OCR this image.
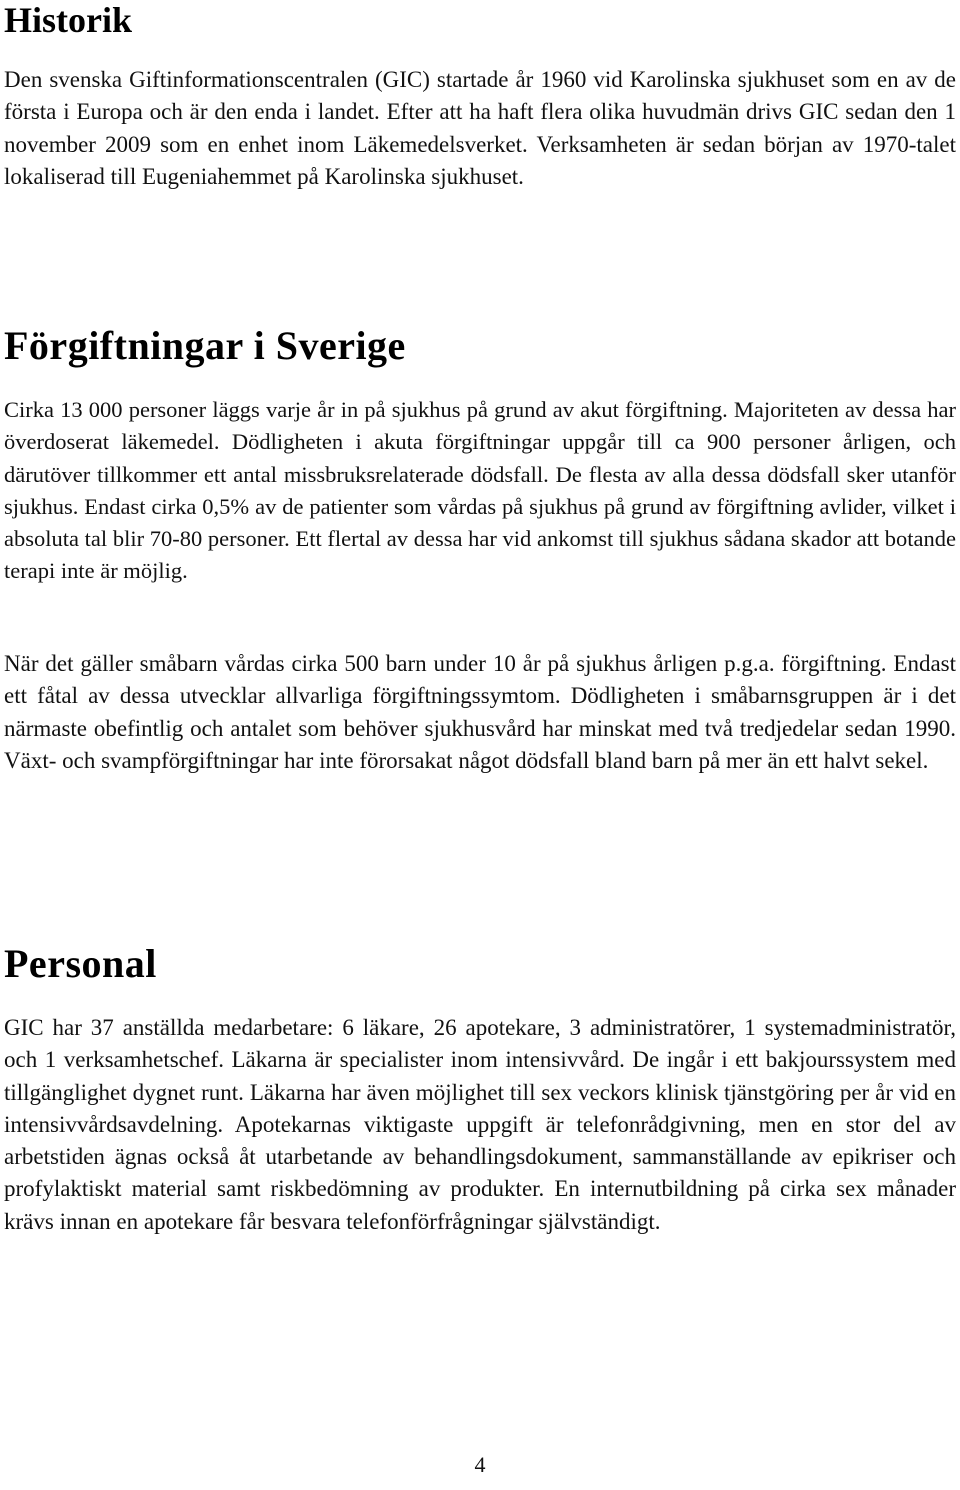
Historik

Den svenska Giftinformationscentralen (GIC) startade år 1960 vid Karolinska sjukhuset som en av de första i Europa och är den enda i landet. Efter att ha haft flera olika huvudmän drivs GIC sedan den 1 november 2009 som en enhet inom Läkemedelsverket. Verksamheten är sedan början av 1970-talet lokaliserad till Eugeniahemmet på Karolinska sjukhuset.

Förgiftningar i Sverige

Cirka 13 000 personer läggs varje år in på sjukhus på grund av akut förgiftning. Majoriteten av dessa har överdoserat läkemedel. Dödligheten i akuta förgiftningar uppgår till ca 900 personer årligen, och därutöver tillkommer ett antal missbruksrelaterade dödsfall. De flesta av alla dessa dödsfall sker utanför sjukhus. Endast cirka 0,5% av de patienter som vårdas på sjukhus på grund av förgiftning avlider, vilket i absoluta tal blir 70-80 personer. Ett flertal av dessa har vid ankomst till sjukhus sådana skador att botande terapi inte är möjlig.

När det gäller småbarn vårdas cirka 500 barn under 10 år på sjukhus årligen p.g.a. förgiftning. Endast ett fåtal av dessa utvecklar allvarliga förgiftningssymtom. Dödligheten i småbarnsgruppen är i det närmaste obefintlig och antalet som behöver sjukhusvård har minskat med två tredjedelar sedan 1990. Växt- och svampförgiftningar har inte förorsakat något dödsfall bland barn på mer än ett halvt sekel.

Personal

GIC har 37 anställda medarbetare: 6 läkare, 26 apotekare, 3 administratörer, 1 systemadministratör, och 1 verksamhetschef. Läkarna är specialister inom intensivvård. De ingår i ett bakjourssystem med tillgänglighet dygnet runt. Läkarna har även möjlighet till sex veckors klinisk tjänstgöring per år vid en intensivvårdsavdelning. Apotekarnas viktigaste uppgift är telefonrådgivning, men en stor del av arbetstiden ägnas också åt utarbetande av behandlingsdokument, sammanställande av epikriser och profylaktiskt material samt riskbedömning av produkter. En internutbildning på cirka sex månader krävs innan en apotekare får besvara telefonförfrågningar självständigt.

4
